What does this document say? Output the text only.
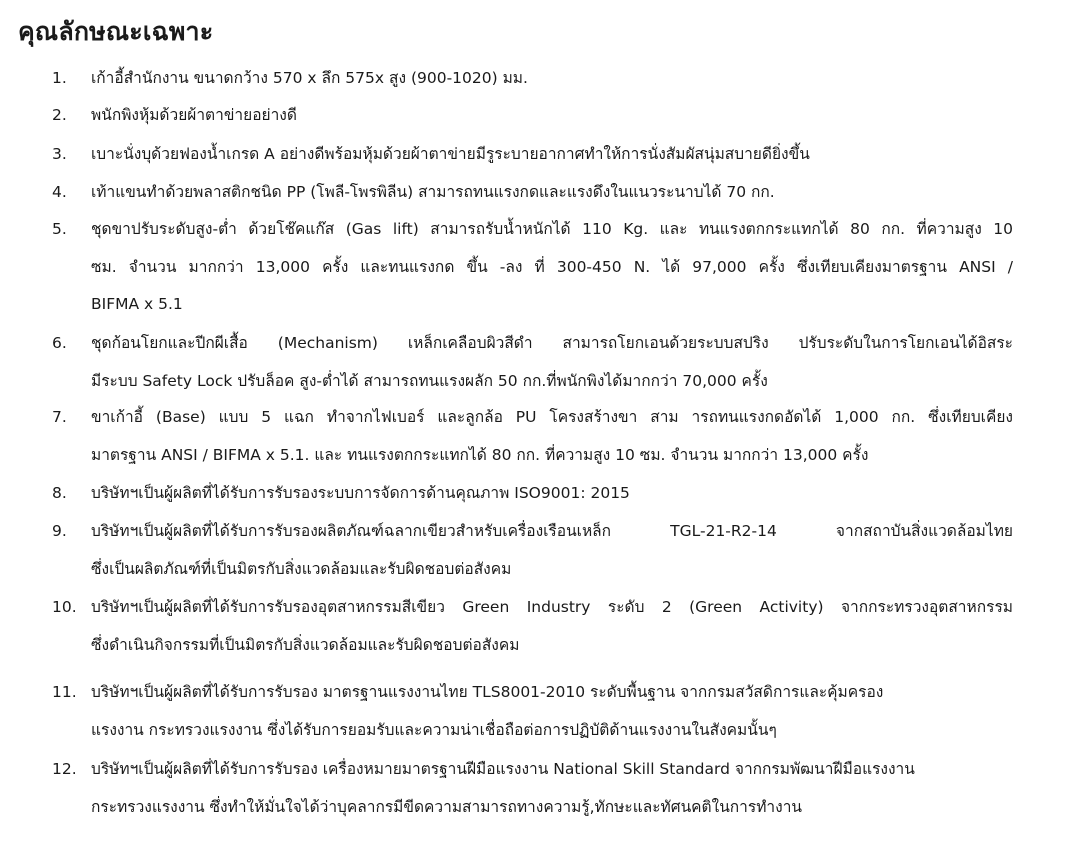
คุณลักษณะเฉพาะ
1.	เก้าอี้สำนักงาน ขนาดกว้าง 570 x ลึก 575x สูง (900-1020) มม.
2.	พนักพิงหุ้มด้วยผ้าตาข่ายอย่างดี
3.	เบาะนั่งบุด้วยฟองน้ำเกรด A อย่างดีพร้อมหุ้มด้วยผ้าตาข่ายมีรูระบายอากาศทำให้การนั่งสัมผัสนุ่มสบายดียิ่งขึ้น
4.	เท้าแขนทำด้วยพลาสติกชนิด PP (โพลี-โพรพิลีน) สามารถทนแรงกดและแรงดึงในแนวระนาบได้ 70 กก.
5.	ชุดขาปรับระดับสูง-ต่ำ ด้วยโช๊คแก๊ส (Gas lift) สามารถรับน้ำหนักได้ 110 Kg. และ ทนแรงตกกระแทกได้ 80 กก. ที่ความสูง 10
ซม. จำนวน มากกว่า 13,000 ครั้ง และทนแรงกด ขึ้น -ลง ที่ 300-450 N. ได้ 97,000 ครั้ง ซึ่งเทียบเคียงมาตรฐาน ANSI /
BIFMA x 5.1
6.	ชุดก้อนโยกและปีกผีเสื้อ (Mechanism) เหล็กเคลือบผิวสีดำ สามารถโยกเอนด้วยระบบสปริง ปรับระดับในการโยกเอนได้อิสระ
มีระบบ Safety Lock ปรับล็อค สูง-ต่ำได้ สามารถทนแรงผลัก 50 กก.ที่พนักพิงได้มากกว่า 70,000 ครั้ง
7.	ขาเก้าอี้ (Base) แบบ 5 แฉก ทำจากไฟเบอร์ และลูกล้อ PU โครงสร้างขา สาม ารถทนแรงกดอัดได้ 1,000 กก. ซึ่งเทียบเคียง
มาตรฐาน ANSI / BIFMA x 5.1. และ ทนแรงตกกระแทกได้ 80 กก. ที่ความสูง 10 ซม. จำนวน มากกว่า 13,000 ครั้ง
8.	บริษัทฯเป็นผู้ผลิตที่ได้รับการรับรองระบบการจัดการด้านคุณภาพ ISO9001: 2015
9.	บริษัทฯเป็นผู้ผลิตที่ได้รับการรับรองผลิตภัณฑ์ฉลากเขียวสำหรับเครื่องเรือนเหล็ก TGL-21-R2-14 จากสถาบันสิ่งแวดล้อมไทย
ซึ่งเป็นผลิตภัณฑ์ที่เป็นมิตรกับสิ่งแวดล้อมและรับผิดชอบต่อสังคม
10. บริษัทฯเป็นผู้ผลิตที่ได้รับการรับรองอุตสาหกรรมสีเขียว Green Industry ระดับ 2 (Green Activity) จากกระทรวงอุตสาหกรรม
ซึ่งดำเนินกิจกรรมที่เป็นมิตรกับสิ่งแวดล้อมและรับผิดชอบต่อสังคม
11. บริษัทฯเป็นผู้ผลิตที่ได้รับการรับรอง มาตรฐานแรงงานไทย TLS8001-2010 ระดับพื้นฐาน จากกรมสวัสดิการและคุ้มครอง
แรงงาน กระทรวงแรงงาน ซึ่งได้รับการยอมรับและความน่าเชื่อถือต่อการปฏิบัติด้านแรงงานในสังคมนั้นๆ
12. บริษัทฯเป็นผู้ผลิตที่ได้รับการรับรอง เครื่องหมายมาตรฐานฝีมือแรงงาน National Skill Standard จากกรมพัฒนาฝีมือแรงงาน
กระทรวงแรงงาน ซึ่งทำให้มั่นใจได้ว่าบุคลากรมีขีดความสามารถทางความรู้,ทักษะและทัศนคติในการทำงาน
